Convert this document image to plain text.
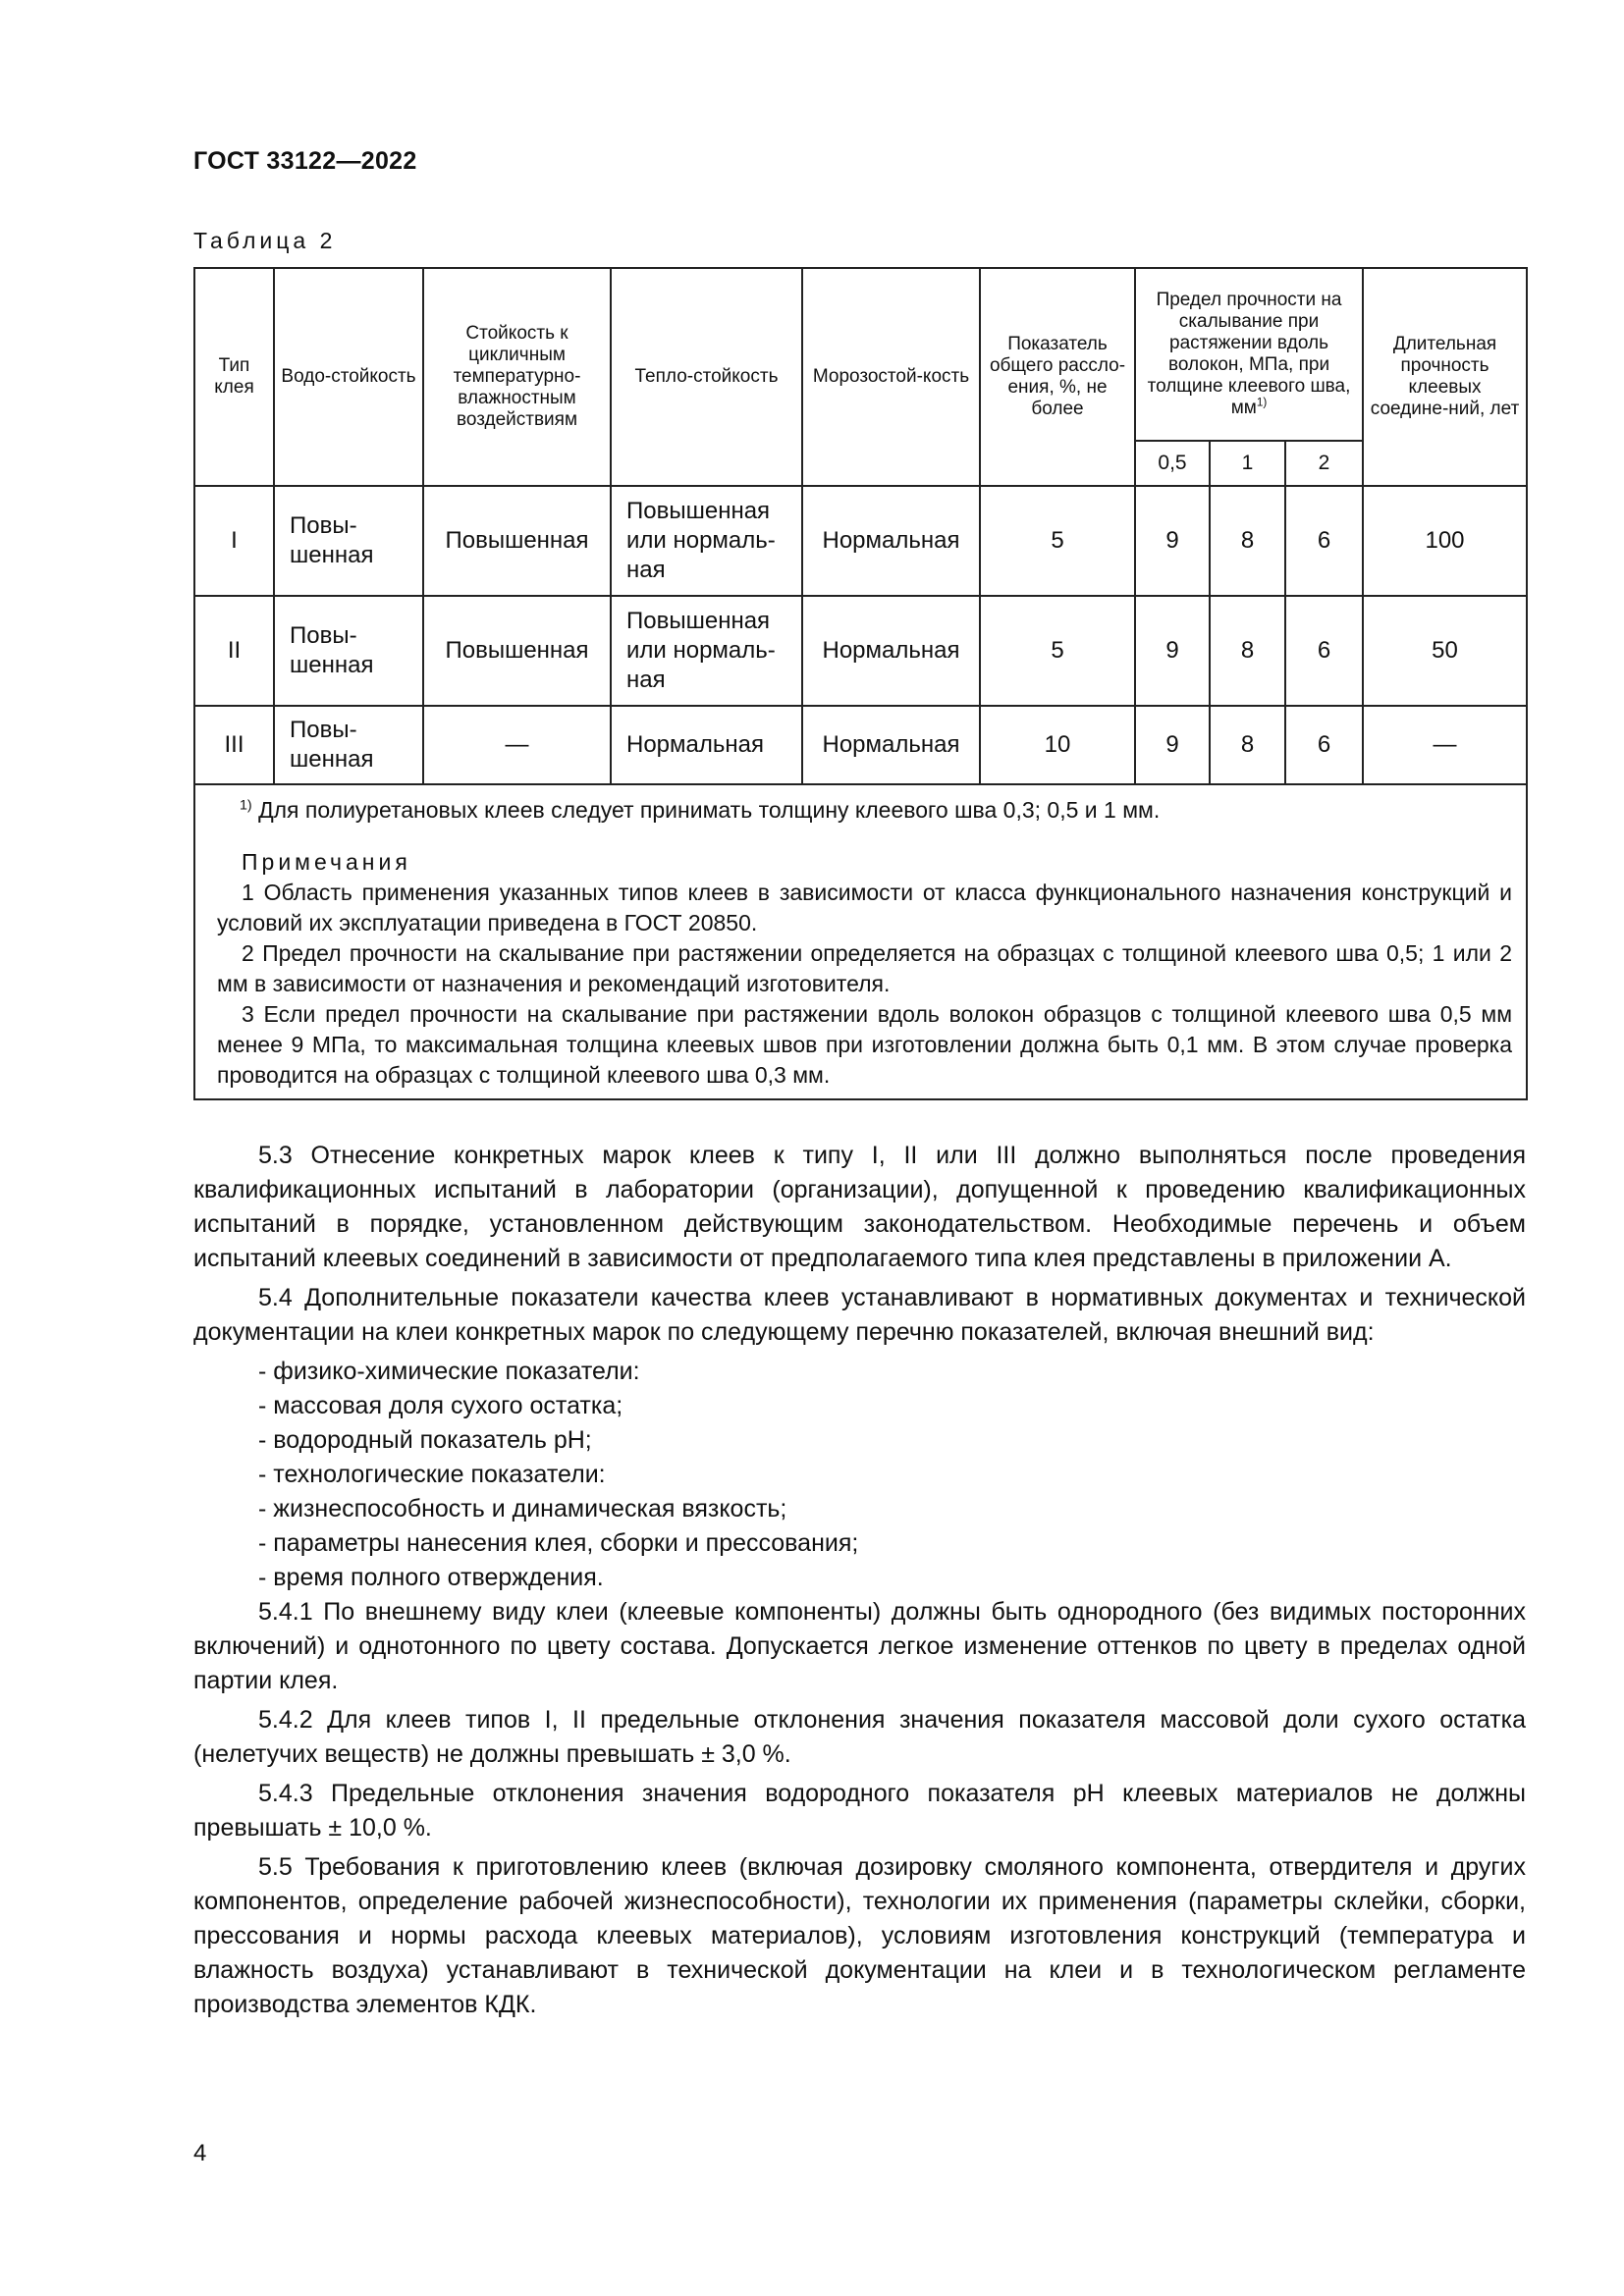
ГОСТ 33122—2022
Таблица 2
Тип клея	Водо-стойкость	Стойкость к цикличным температурно-влажностным воздействиям	Тепло-стойкость	Морозостой-кость	Показатель общего рассло-ения, %, не более	Предел прочности на скалывание при растяжении вдоль волокон, МПа, при толщине клеевого шва, $мм^{1)}$			Длительная прочность клеевых соедине-ний, лет
						0,5	1	2	
I	Повы-шенная	Повышенная	Повышенная или нормаль-ная	Нормальная	5	9	8	6	100
II	Повы-шенная	Повышенная	Повышенная или нормаль-ная	Нормальная	5	9	8	6	50
III	Повы-шенная	—	Нормальная	Нормальная	10	9	8	6	—

$^{1)}$ Для полиуретановых клеев следует принимать толщину клеевого шва 0,3; 0,5 и 1 мм.
Примечания
1 Область применения указанных типов клеев в зависимости от класса функционального назначения конструкций и условий их эксплуатации приведена в ГОСТ 20850.
2 Предел прочности на скалывание при растяжении определяется на образцах с толщиной клеевого шва 0,5; 1 или 2 мм в зависимости от назначения и рекомендаций изготовителя.
3 Если предел прочности на скалывание при растяжении вдоль волокон образцов с толщиной клеевого шва 0,5 мм менее 9 МПа, то максимальная толщина клеевых швов при изготовлении должна быть 0,1 мм. В этом случае проверка проводится на образцах с толщиной клеевого шва 0,3 мм.									

5.3 Отнесение конкретных марок клеев к типу I, II или III должно выполняться после проведения квалификационных испытаний в лаборатории (организации), допущенной к проведению квалификационных испытаний в порядке, установленном действующим законодательством. Необходимые перечень и объем испытаний клеевых соединений в зависимости от предполагаемого типа клея представлены в приложении А.

5.4 Дополнительные показатели качества клеев устанавливают в нормативных документах и технической документации на клеи конкретных марок по следующему перечню показателей, включая внешний вид:

- физико-химические показатели:

- массовая доля сухого остатка;

- водородный показатель pH;

- технологические показатели:

- жизнеспособность и динамическая вязкость;

- параметры нанесения клея, сборки и прессования;

- время полного отверждения.

5.4.1 По внешнему виду клеи (клеевые компоненты) должны быть однородного (без видимых посторонних включений) и однотонного по цвету состава. Допускается легкое изменение оттенков по цвету в пределах одной партии клея.

5.4.2 Для клеев типов I, II предельные отклонения значения показателя массовой доли сухого остатка (нелетучих веществ) не должны превышать ± 3,0 %.

5.4.3 Предельные отклонения значения водородного показателя pH клеевых материалов не должны превышать ± 10,0 %.

5.5 Требования к приготовлению клеев (включая дозировку смоляного компонента, отвердителя и других компонентов, определение рабочей жизнеспособности), технологии их применения (параметры склейки, сборки, прессования и нормы расхода клеевых материалов), условиям изготовления конструкций (температура и влажность воздуха) устанавливают в технической документации на клеи и в технологическом регламенте производства элементов КДК.

4
